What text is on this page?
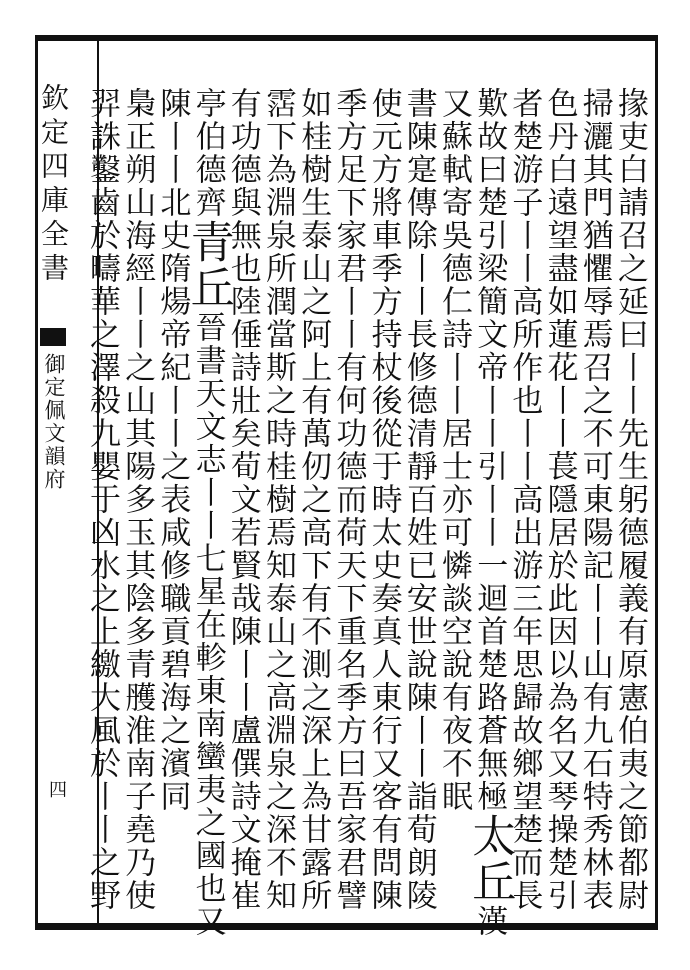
欽定四庫全書
御定佩文韻府
四	掾吏白請召之延曰丨丨先生躬德履義有原憲伯夷之節都尉
掃灑其門猶懼辱焉召之不可東陽記丨丨山有九石特秀林表
色丹白遠望盡如蓮花丨丨萇隱居於此因以為名又琴操楚引
者楚游子丨丨高所作也丨丨高出游三年思歸故鄉望楚而長
歎故曰楚引梁簡文帝丨丨引丨丨一迴首楚路蒼無極太丘漢
又蘇軾寄吳德仁詩丨丨居士亦可憐談空說有夜不眠
書陳寔傳除丨丨長修德清靜百姓已安世說陳丨丨詣荀朗陵
使元方將車季方持杖後從于時太史奏真人東行又客有問陳
季方足下家君丨丨有何功德而荷天下重名季方曰吾家君譬
如桂樹生泰山之阿上有萬仞之高下有不測之深上為甘露所
霑下為淵泉所潤當斯之時桂樹焉知泰山之高淵泉之深不知
有功德與無也陸倕詩壯矣荀文若賢哉陳丨丨盧僎詩文掩崔
亭伯德齊青丘晉書天文志丨丨七星在軫東南蠻夷之國也又
陳丨丨北史隋煬帝紀丨丨之表咸修職貢碧海之濱同
梟正朔山海經丨丨之山其陽多玉其陰多青雘淮南子堯乃使
羿誅鑿齒於疇華之澤殺九嬰于凶水之上繳大風於丨丨之野
